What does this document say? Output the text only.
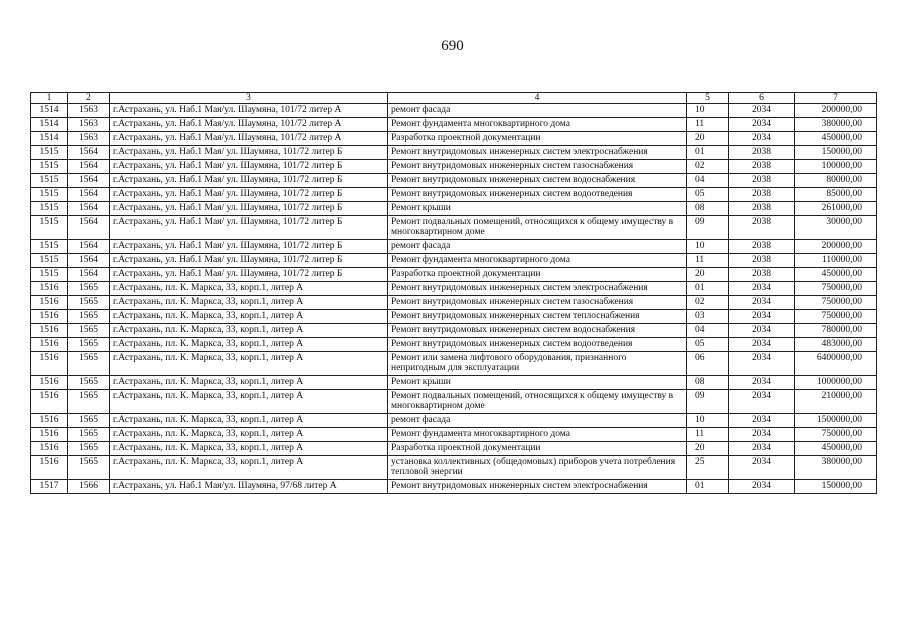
690
1	2	3	4	5	6	7
1514	1563	г.Астрахань, ул. Наб.1 Мая/ул. Шаумяна, 101/72 литер А	ремонт фасада	10	2034	200000,00
1514	1563	г.Астрахань, ул. Наб.1 Мая/ул. Шаумяна, 101/72 литер А	Ремонт фундамента многоквартирного дома	11	2034	380000,00
1514	1563	г.Астрахань, ул. Наб.1 Мая/ул. Шаумяна, 101/72 литер А	Разработка проектной документации	20	2034	450000,00
1515	1564	г.Астрахань, ул. Наб.1 Мая/ ул. Шаумяна, 101/72 литер Б	Ремонт внутридомовых инженерных систем электроснабжения	01	2038	150000,00
1515	1564	г.Астрахань, ул. Наб.1 Мая/ ул. Шаумяна, 101/72 литер Б	Ремонт внутридомовых инженерных систем газоснабжения	02	2038	100000,00
1515	1564	г.Астрахань, ул. Наб.1 Мая/ ул. Шаумяна, 101/72 литер Б	Ремонт внутридомовых инженерных систем водоснабжения	04	2038	80000,00
1515	1564	г.Астрахань, ул. Наб.1 Мая/ ул. Шаумяна, 101/72 литер Б	Ремонт внутридомовых инженерных систем водоотведения	05	2038	85000,00
1515	1564	г.Астрахань, ул. Наб.1 Мая/ ул. Шаумяна, 101/72 литер Б	Ремонт крыши	08	2038	261000,00
1515	1564	г.Астрахань, ул. Наб.1 Мая/ ул. Шаумяна, 101/72 литер Б	Ремонт подвальных помещений, относящихся к общему имуществу в многоквартирном доме	09	2038	30000,00
1515	1564	г.Астрахань, ул. Наб.1 Мая/ ул. Шаумяна, 101/72 литер Б	ремонт фасада	10	2038	200000,00
1515	1564	г.Астрахань, ул. Наб.1 Мая/ ул. Шаумяна, 101/72 литер Б	Ремонт фундамента многоквартирного дома	11	2038	110000,00
1515	1564	г.Астрахань, ул. Наб.1 Мая/ ул. Шаумяна, 101/72 литер Б	Разработка проектной документации	20	2038	450000,00
1516	1565	г.Астрахань, пл. К. Маркса, 33, корп.1, литер А	Ремонт внутридомовых инженерных систем электроснабжения	01	2034	750000,00
1516	1565	г.Астрахань, пл. К. Маркса, 33, корп.1, литер А	Ремонт внутридомовых инженерных систем газоснабжения	02	2034	750000,00
1516	1565	г.Астрахань, пл. К. Маркса, 33, корп.1, литер А	Ремонт внутридомовых инженерных систем теплоснабжения	03	2034	750000,00
1516	1565	г.Астрахань, пл. К. Маркса, 33, корп.1, литер А	Ремонт внутридомовых инженерных систем водоснабжения	04	2034	780000,00
1516	1565	г.Астрахань, пл. К. Маркса, 33, корп.1, литер А	Ремонт внутридомовых инженерных систем водоотведения	05	2034	483000,00
1516	1565	г.Астрахань, пл. К. Маркса, 33, корп.1, литер А	Ремонт или замена лифтового оборудования, признанного непригодным для эксплуатации	06	2034	6400000,00
1516	1565	г.Астрахань, пл. К. Маркса, 33, корп.1, литер А	Ремонт крыши	08	2034	1000000,00
1516	1565	г.Астрахань, пл. К. Маркса, 33, корп.1, литер А	Ремонт подвальных помещений, относящихся к общему имуществу в многоквартирном доме	09	2034	210000,00
1516	1565	г.Астрахань, пл. К. Маркса, 33, корп.1, литер А	ремонт фасада	10	2034	1500000,00
1516	1565	г.Астрахань, пл. К. Маркса, 33, корп.1, литер А	Ремонт фундамента многоквартирного дома	11	2034	750000,00
1516	1565	г.Астрахань, пл. К. Маркса, 33, корп.1, литер А	Разработка проектной документации	20	2034	450000,00
1516	1565	г.Астрахань, пл. К. Маркса, 33, корп.1, литер А	установка коллективных (общедомовых) приборов учета потребления тепловой энергии	25	2034	380000,00
1517	1566	г.Астрахань, ул. Наб.1 Мая/ул. Шаумяна, 97/68 литер А	Ремонт внутридомовых инженерных систем электроснабжения	01	2034	150000,00
